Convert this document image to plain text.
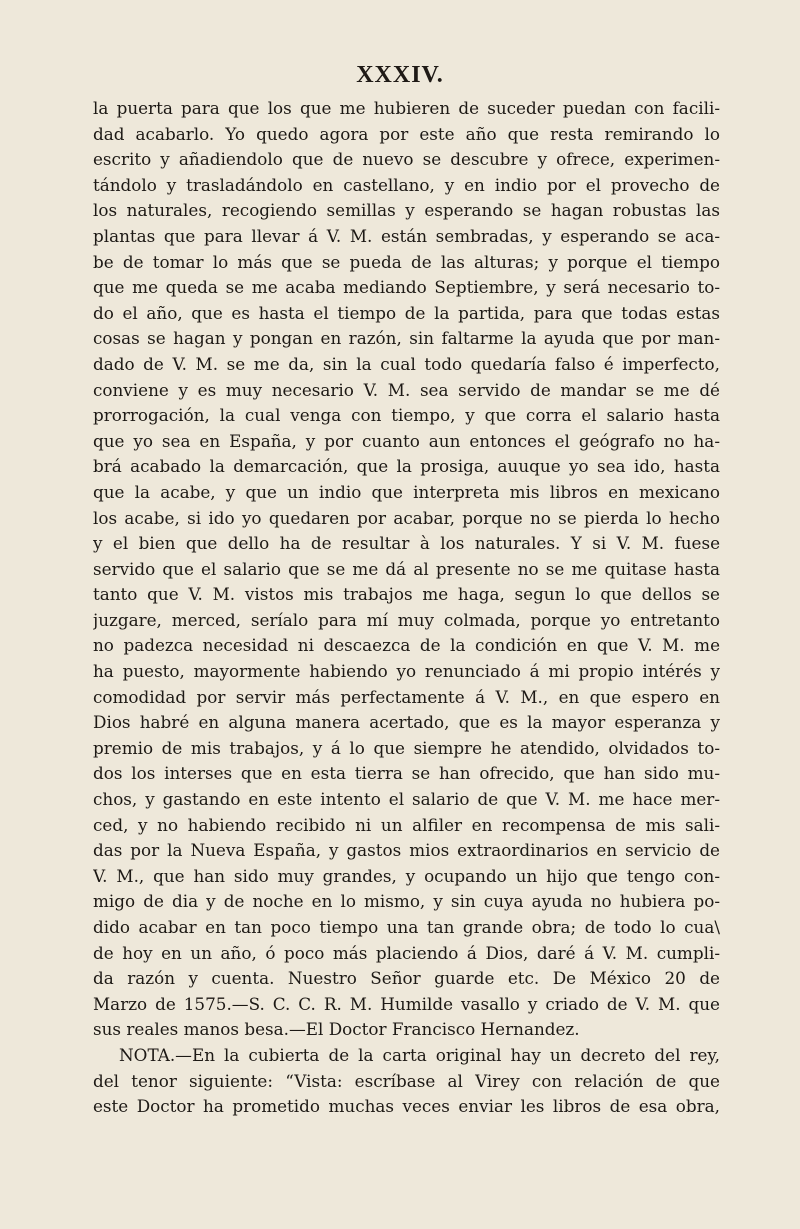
XXXIV.
la puerta para que los que me hubieren de suceder puedan con facili-
dad acabarlo. Yo quedo agora por este año que resta remirando lo
escrito y añadiendolo que de nuevo se descubre y ofrece, experimen-
tándolo y trasladándolo en castellano, y en indio por el provecho de
los naturales, recogiendo semillas y esperando se hagan robustas las
plantas que para llevar á V. M. están sembradas, y esperando se aca-
be de tomar lo más que se pueda de las alturas; y porque el tiempo
que me queda se me acaba mediando Septiembre, y será necesario to-
do el año, que es hasta el tiempo de la partida, para que todas estas
cosas se hagan y pongan en razón, sin faltarme la ayuda que por man-
dado de V. M. se me da, sin la cual todo quedaría falso é imperfecto,
conviene y es muy necesario V. M. sea servido de mandar se me dé
prorrogación, la cual venga con tiempo, y que corra el salario hasta
que yo sea en España, y por cuanto aun entonces el geógrafo no ha-
brá acabado la demarcación, que la prosiga, auuque yo sea ido, hasta
que la acabe, y que un indio que interpreta mis libros en mexicano
los acabe, si ido yo quedaren por acabar, porque no se pierda lo hecho
y el bien que dello ha de resultar à los naturales. Y si V. M. fuese
servido que el salario que se me dá al presente no se me quitase hasta
tanto que V. M. vistos mis trabajos me haga, segun lo que dellos se
juzgare, merced, seríalo para mí muy colmada, porque yo entretanto
no padezca necesidad ni descaezca de la condición en que V. M. me
ha puesto, mayormente habiendo yo renunciado á mi propio intérés y
comodidad por servir más perfectamente á V. M., en que espero en
Dios habré en alguna manera acertado, que es la mayor esperanza y
premio de mis trabajos, y á lo que siempre he atendido, olvidados to-
dos los interses que en esta tierra se han ofrecido, que han sido mu-
chos, y gastando en este intento el salario de que V. M. me hace mer-
ced, y no habiendo recibido ni un alfiler en recompensa de mis sali-
das por la Nueva España, y gastos mios extraordinarios en servicio de
V. M., que han sido muy grandes, y ocupando un hijo que tengo con-
migo de dia y de noche en lo mismo, y sin cuya ayuda no hubiera po-
dido acabar en tan poco tiempo una tan grande obra; de todo lo cua\
de hoy en un año, ó poco más placiendo á Dios, daré á V. M. cumpli-
da razón y cuenta. Nuestro Señor guarde etc. De México 20 de
Marzo de 1575.—S. C. C. R. M. Humilde vasallo y criado de V. M. que
sus reales manos besa.—El Doctor Francisco Hernandez.
NOTA.—En la cubierta de la carta original hay un decreto del rey,
del tenor siguiente: “Vista: escríbase al Virey con relación de que
este Doctor ha prometido muchas veces enviar les libros de esa obra,
